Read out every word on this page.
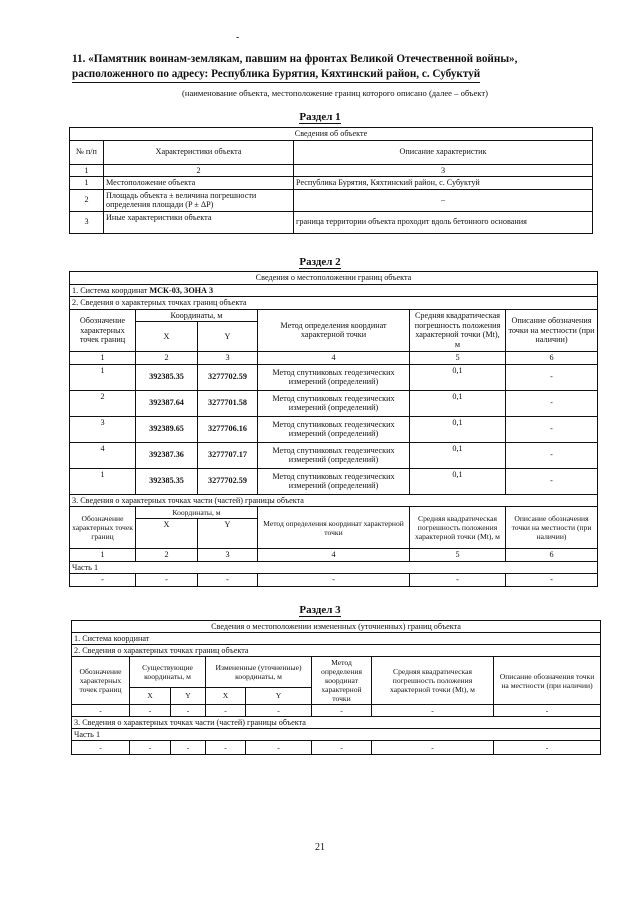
-
11. «Памятник воинам-землякам, павшим на фронтах Великой Отечественной войны»,
расположенного по адресу: Республика Бурятия, Кяхтинский район, с. Субуктуй
(наименование объекта, местоположение границ которого описано (далее – объект)
Раздел 1
Сведения об объекте		
№ п/п	Характеристики объекта	Описание характеристик
1	2	3
1	Местоположение объекта	Республика Бурятия, Кяхтинский район, с. Субуктуй
2	Площадь объекта ± величина погрешности определения площади (P ± ΔP)	–
3	Иные характеристики объекта	граница территории объекта проходит вдоль бетонного основания
Раздел 2
Сведения о местоположении границ объекта					
1. Система координат МСК-03, ЗОНА 3					
2. Сведения о характерных точках границ объекта					
Обозначение характерных точек границ	Координаты, м		Метод определения координат характерной точки	Средняя квадратическая погрешность положения характерной точки (Mt), м	Описание обозначения точки на местности (при наличии)
	X	Y			
1	2	3	4	5	6
1	392385.35	3277702.59	Метод спутниковых геодезических измерений (определений)	0,1	-
2	392387.64	3277701.58	Метод спутниковых геодезических измерений (определений)	0,1	-
3	392389.65	3277706.16	Метод спутниковых геодезических измерений (определений)	0,1	-
4	392387.36	3277707.17	Метод спутниковых геодезических измерений (определений)	0,1	-
1	392385.35	3277702.59	Метод спутниковых геодезических измерений (определений)	0,1	-
3. Сведения о характерных точках части (частей) границы объекта					
Обозначение характерных точек границ	Координаты, м		Метод определения координат характерной точки	Средняя квадратическая погрешность положения характерной точки (Mt), м	Описание обозначения точки на местности (при наличии)
	X	Y			
1	2	3	4	5	6
Часть 1					
-	-	-	-	-	-
Раздел 3
Сведения о местоположении измененных (уточненных) границ объекта							
1. Система координат							
2. Сведения о характерных точках границ объекта							
Обозначение характерных точек границ	Существующие координаты, м		Измененные (уточненные) координаты, м		Метод определения координат характерной точки	Средняя квадратическая погрешность положения характерной точки (Mt), м	Описание обозначения точки на местности (при наличии)
	X	Y	X	Y			
-	-	-	-	-	-	-	-
3. Сведения о характерных точках части (частей) границы объекта							
Часть 1							
-	-	-	-	-	-	-	-
21
